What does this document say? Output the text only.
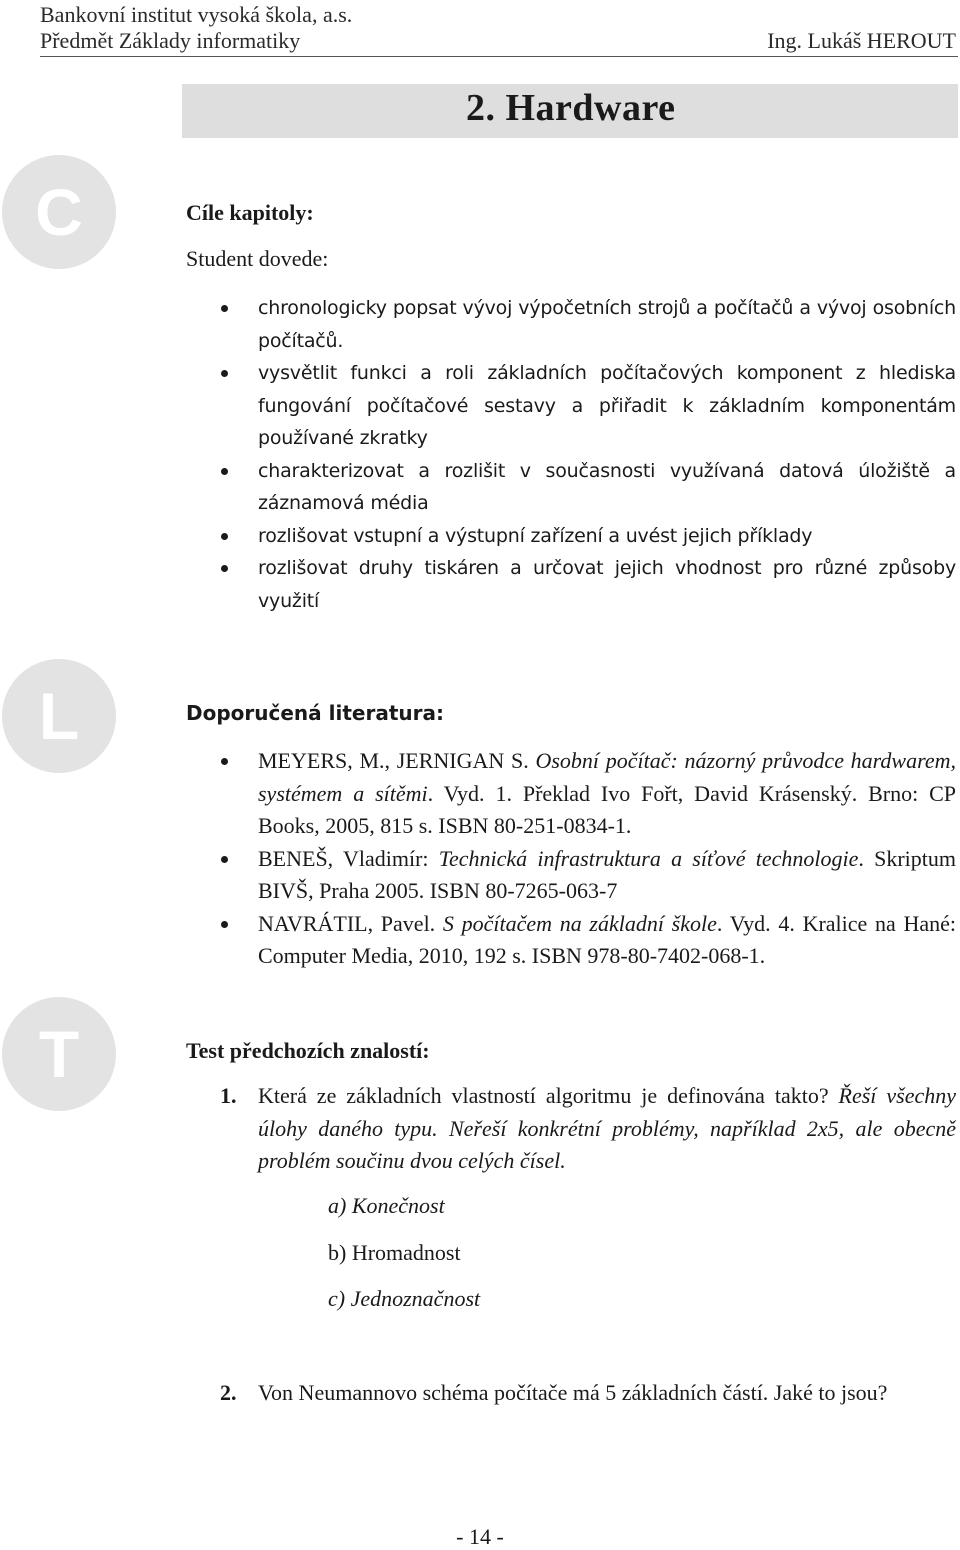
Bankovní institut vysoká škola, a.s.
Předmět Základy informatiky	Ing. Lukáš HEROUT
2. Hardware
C	Cíle kapitoly:
Student dovede:
chronologicky popsat vývoj výpočetních strojů a počítačů a vývoj osobních počítačů.
vysvětlit funkci a roli základních počítačových komponent z hlediska fungování počítačové sestavy a přiřadit k základním komponentám používané zkratky
charakterizovat a rozlišit v současnosti využívaná datová úložiště a záznamová média
rozlišovat vstupní a výstupní zařízení a uvést jejich příklady
rozlišovat druhy tiskáren a určovat jejich vhodnost pro různé způsoby využití
L	Doporučená literatura:
MEYERS, M., JERNIGAN S. Osobní počítač: názorný průvodce hardwarem, systémem a sítěmi. Vyd. 1. Překlad Ivo Fořt, David Krásenský. Brno: CP Books, 2005, 815 s. ISBN 80-251-0834-1.
BENEŠ, Vladimír: Technická infrastruktura a síťové technologie. Skriptum BIVŠ, Praha 2005. ISBN 80-7265-063-7
NAVRÁTIL, Pavel. S počítačem na základní škole. Vyd. 4. Kralice na Hané: Computer Media, 2010, 192 s. ISBN 978-80-7402-068-1.
T	Test předchozích znalostí:
1. Která ze základních vlastností algoritmu je definována takto? Řeší všechny úlohy daného typu. Neřeší konkrétní problémy, například 2x5, ale obecně problém součinu dvou celých čísel.
a) Konečnost
b) Hromadnost
c) Jednoznačnost
2. Von Neumannovo schéma počítače má 5 základních částí. Jaké to jsou?
- 14 -
